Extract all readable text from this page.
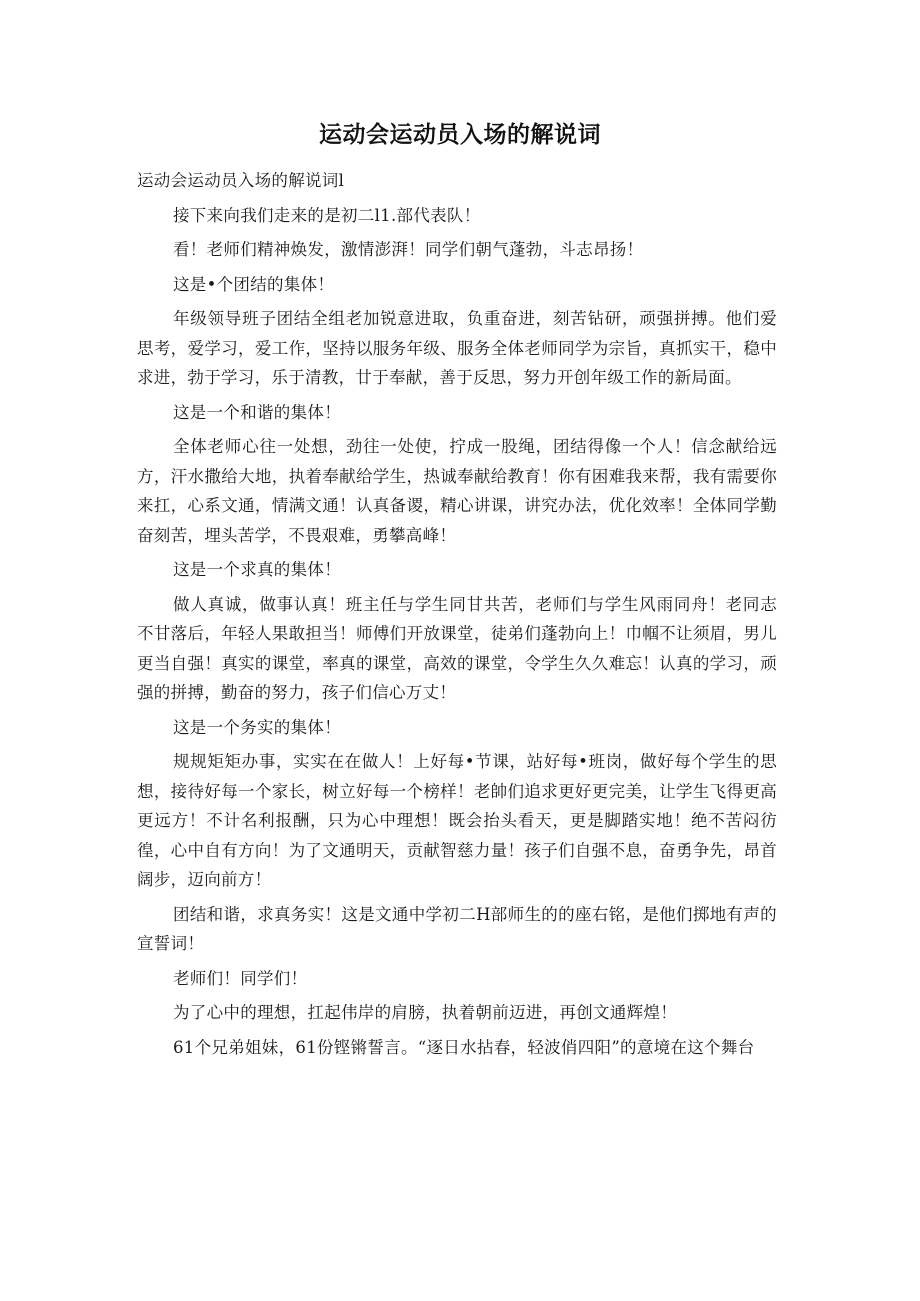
运动会运动员入场的解说词

运动会运动员入场的解说词l

接下来向我们走来的是初二l1.部代表队！

看！老师们精神焕发，激情澎湃！同学们朝气蓬勃，斗志昂扬！

这是•个团结的集体！

年级领导班子团结全组老加锐意进取，负重奋进，刻苦钻研，顽强拼搏。他们爱思考，爱学习，爱工作，坚持以服务年级、服务全体老师同学为宗旨，真抓实干，稳中求进，勃于学习，乐于清教，廿于奉献，善于反思，努力开创年级工作的新局面。

这是一个和谐的集体！

全体老师心往一处想，劲往一处使，拧成一股绳，团结得像一个人！信念献给远方，汗水撒给大地，执着奉献给学生，热诚奉献给教育！你有困难我来帮，我有需要你来扛，心系文通，情满文通！认真备谡，精心讲课，讲究办法，优化效率！全体同学勤奋刻苦，埋头苦学，不畏艰难，勇攀高峰！

这是一个求真的集体！

做人真诚，做事认真！班主任与学生同甘共苦，老师们与学生风雨同舟！老同志不甘落后，年轻人果敢担当！师傅们开放课堂，徒弟们蓬勃向上！巾帼不让须眉，男儿更当自强！真实的课堂，率真的课堂，高效的课堂，令学生久久难忘！认真的学习，顽强的拼搏，勤奋的努力，孩子们信心万丈！

这是一个务实的集体！

规规矩矩办事，实实在在做人！上好每•节课，站好每•班岗，做好每个学生的思想，接待好每一个家长，树立好每一个榜样！老帥们追求更好更完美，让学生飞得更高更远方！不计名利报酬，只为心中理想！既会抬头看天，更是脚踏实地！绝不苦闷彷徨，心中自有方向！为了文通明天，贡献智慈力量！孩子们自强不息，奋勇争先，昂首阔步，迈向前方！

团结和谐，求真务实！这是文通中学初二H部师生的的座右铭，是他们掷地有声的宣誓词！

老师们！同学们！

为了心中的理想，扛起伟岸的肩膀，执着朝前迈进，再创文通辉煌！

61个兄弟姐妹，61份铿锵誓言。“逐日水拈春，轻波俏四阳”的意境在这个舞台
